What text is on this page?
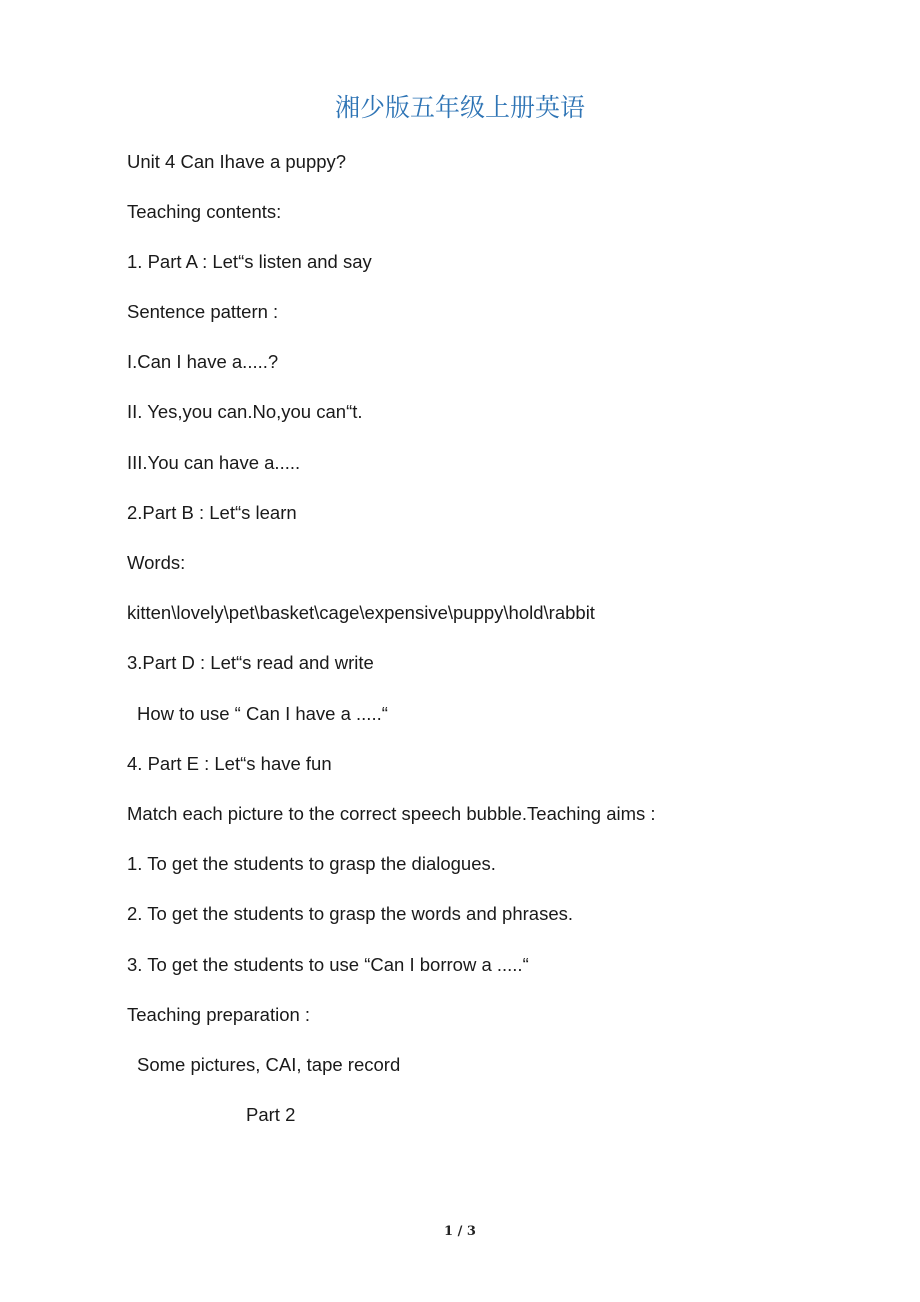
湘少版五年级上册英语
Unit 4 Can Ihave a puppy?
Teaching contents:
1. Part A : Let“s listen and say
Sentence pattern :
I.Can I have a.....?
II. Yes,you can.No,you can“t.
III.You can have a.....
2.Part B : Let“s learn
Words:
kitten\lovely\pet\basket\cage\expensive\puppy\hold\rabbit
3.Part D : Let“s read and write
How to use “ Can I have a .....“
4. Part E : Let“s have fun
Match each picture to the correct speech bubble.Teaching aims :
1. To get the students to grasp the dialogues.
2. To get the students to grasp the words and phrases.
3. To get the students to use “Can I borrow a .....“
Teaching preparation :
Some pictures, CAI, tape record
Part 2
1 / 3
